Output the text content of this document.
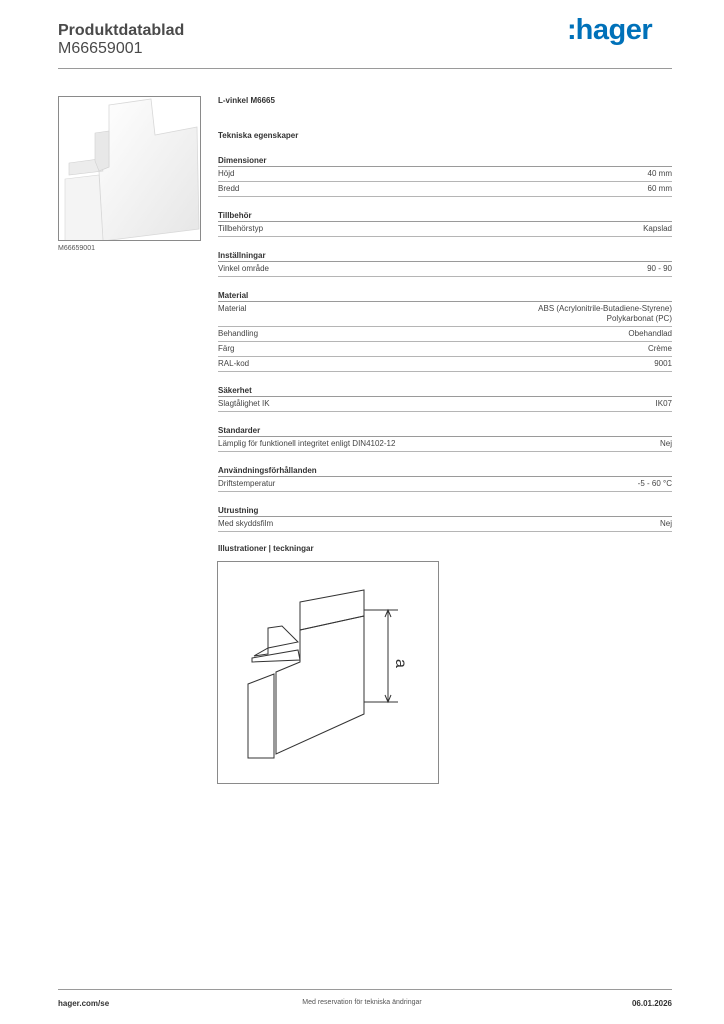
Produktdatablad
M66659001
:hager
M66659001
L-vinkel M6665
Tekniska egenskaper
Dimensioner
Höjd	40 mm
Bredd	60 mm
Tillbehör
Tillbehörstyp	Kapslad
Inställningar
Vinkel område	90 - 90
Material
Material	ABS (Acrylonitrile-Butadiene-Styrene)
Polykarbonat (PC)
Behandling	Obehandlad
Färg	Crème
RAL-kod	9001
Säkerhet
Slagtålighet IK	IK07
Standarder
Lämplig för funktionell integritet enligt DIN4102-12	Nej
Användningsförhållanden
Driftstemperatur	-5 - 60 °C
Utrustning
Med skyddsfilm	Nej
Illustrationer | teckningar
a
hager.com/se	Med reservation för tekniska ändringar	06.01.2026
